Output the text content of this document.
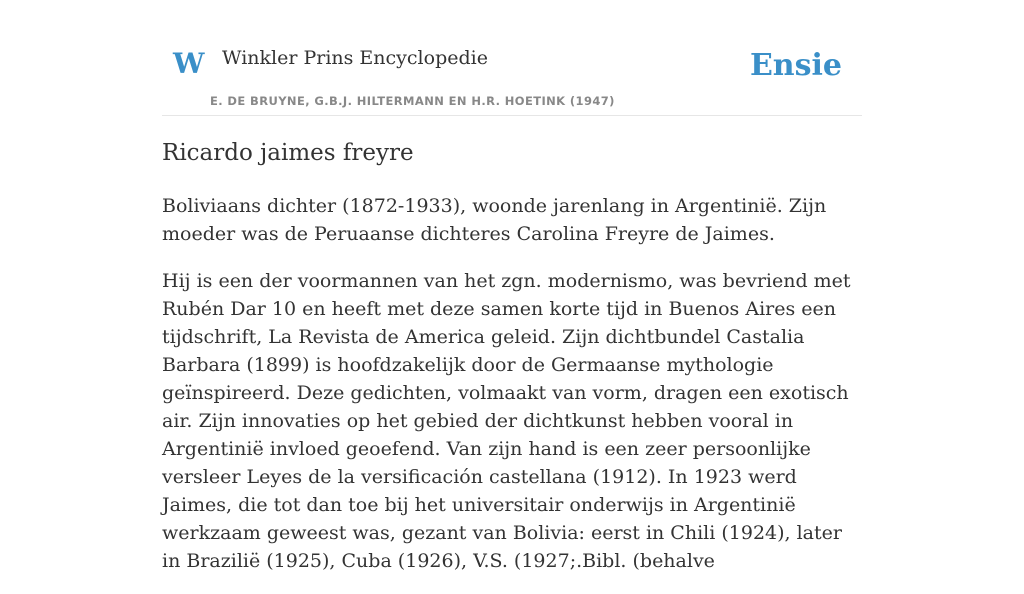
W Winkler Prins Encyclopedie
E. DE BRUYNE, G.B.J. HILTERMANN EN H.R. HOETINK (1947)
Ensie
Ricardo jaimes freyre

Boliviaans dichter (1872-1933), woonde jarenlang in Argentinië. Zijn moeder was de Peruaanse dichteres Carolina Freyre de Jaimes.

Hij is een der voormannen van het zgn. modernismo, was bevriend met Rubén Dar 10 en heeft met deze samen korte tijd in Buenos Aires een tijdschrift, La Revista de America geleid. Zijn dichtbundel Castalia Barbara (1899) is hoofdzakelijk door de Germaanse mythologie geïnspireerd. Deze gedichten, volmaakt van vorm, dragen een exotisch air. Zijn innovaties op het gebied der dichtkunst hebben vooral in Argentinië invloed geoefend. Van zijn hand is een zeer persoonlijke versleer Leyes de la versificación castellana (1912). In 1923 werd Jaimes, die tot dan toe bij het universitair onderwijs in Argentinië werkzaam geweest was, gezant van Bolivia: eerst in Chili (1924), later in Brazilië (1925), Cuba (1926), V.S. (1927;.Bibl. (behalve
